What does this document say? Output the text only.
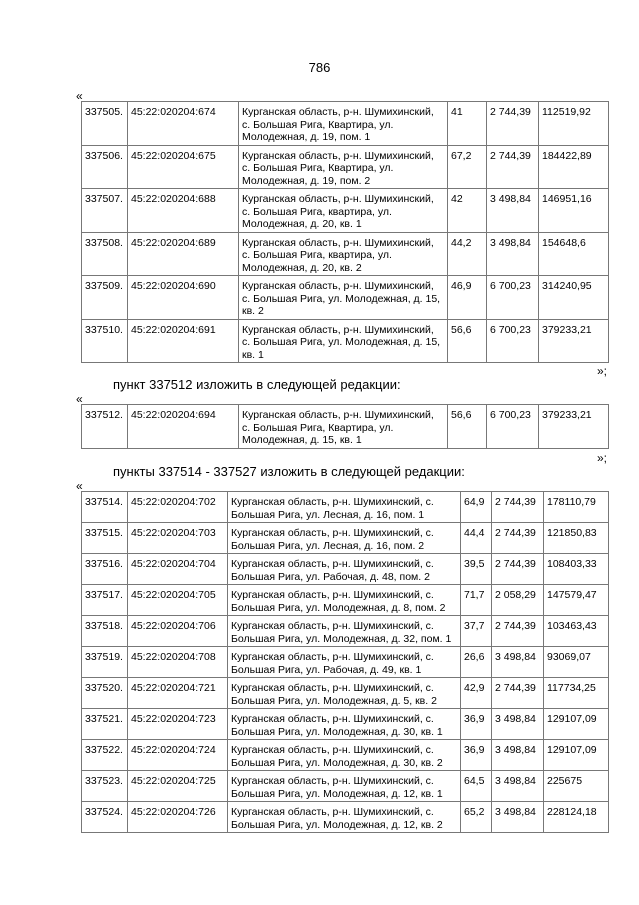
786
«
337505.	45:22:020204:674	Курганская область, р-н. Шумихинский, с. Большая Рига, Квартира, ул. Молодежная, д. 19, пом. 1	41	2 744,39	112519,92
337506.	45:22:020204:675	Курганская область, р-н. Шумихинский, с. Большая Рига, Квартира, ул. Молодежная, д. 19, пом. 2	67,2	2 744,39	184422,89
337507.	45:22:020204:688	Курганская область, р-н. Шумихинский, с. Большая Рига, квартира, ул. Молодежная, д. 20, кв. 1	42	3 498,84	146951,16
337508.	45:22:020204:689	Курганская область, р-н. Шумихинский, с. Большая Рига, квартира, ул. Молодежная, д. 20, кв. 2	44,2	3 498,84	154648,6
337509.	45:22:020204:690	Курганская область, р-н. Шумихинский, с. Большая Рига, ул. Молодежная, д. 15, кв. 2	46,9	6 700,23	314240,95
337510.	45:22:020204:691	Курганская область, р-н. Шумихинский, с. Большая Рига, ул. Молодежная, д. 15, кв. 1	56,6	6 700,23	379233,21
»;
пункт 337512 изложить в следующей редакции:
«
337512.	45:22:020204:694	Курганская область, р-н. Шумихинский, с. Большая Рига, Квартира, ул. Молодежная, д. 15, кв. 1	56,6	6 700,23	379233,21
»;
пункты 337514 - 337527 изложить в следующей редакции:
«
337514.	45:22:020204:702	Курганская область, р-н. Шумихинский, с. Большая Рига, ул. Лесная, д. 16, пом. 1	64,9	2 744,39	178110,79
337515.	45:22:020204:703	Курганская область, р-н. Шумихинский, с. Большая Рига, ул. Лесная, д. 16, пом. 2	44,4	2 744,39	121850,83
337516.	45:22:020204:704	Курганская область, р-н. Шумихинский, с. Большая Рига, ул. Рабочая, д. 48, пом. 2	39,5	2 744,39	108403,33
337517.	45:22:020204:705	Курганская область, р-н. Шумихинский, с. Большая Рига, ул. Молодежная, д. 8, пом. 2	71,7	2 058,29	147579,47
337518.	45:22:020204:706	Курганская область, р-н. Шумихинский, с. Большая Рига, ул. Молодежная, д. 32, пом. 1	37,7	2 744,39	103463,43
337519.	45:22:020204:708	Курганская область, р-н. Шумихинский, с. Большая Рига, ул. Рабочая, д. 49, кв. 1	26,6	3 498,84	93069,07
337520.	45:22:020204:721	Курганская область, р-н. Шумихинский, с. Большая Рига, ул. Молодежная, д. 5, кв. 2	42,9	2 744,39	117734,25
337521.	45:22:020204:723	Курганская область, р-н. Шумихинский, с. Большая Рига, ул. Молодежная, д. 30, кв. 1	36,9	3 498,84	129107,09
337522.	45:22:020204:724	Курганская область, р-н. Шумихинский, с. Большая Рига, ул. Молодежная, д. 30, кв. 2	36,9	3 498,84	129107,09
337523.	45:22:020204:725	Курганская область, р-н. Шумихинский, с. Большая Рига, ул. Молодежная, д. 12, кв. 1	64,5	3 498,84	225675
337524.	45:22:020204:726	Курганская область, р-н. Шумихинский, с. Большая Рига, ул. Молодежная, д. 12, кв. 2	65,2	3 498,84	228124,18
